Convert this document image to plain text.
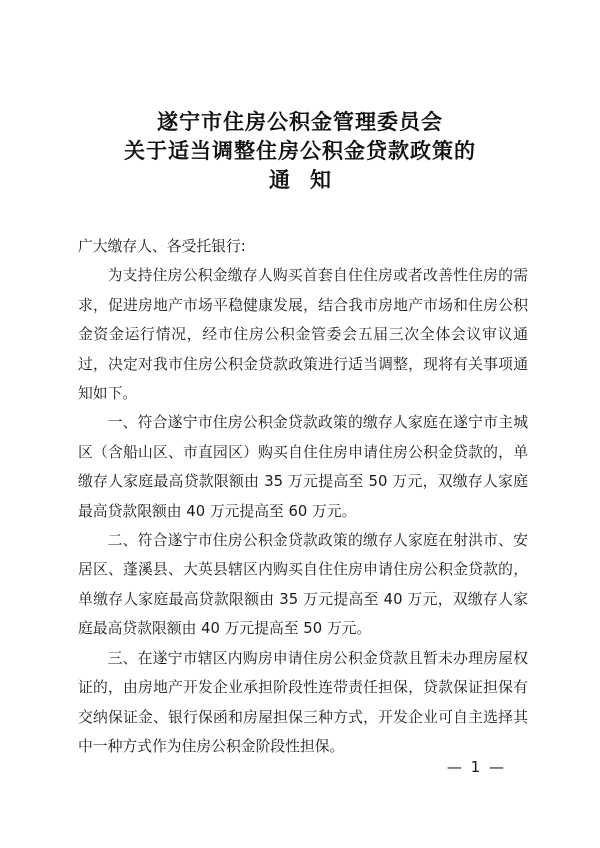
遂宁市住房公积金管理委员会
关于适当调整住房公积金贷款政策的
通知

广大缴存人、各受托银行:

为支持住房公积金缴存人购买首套自住住房或者改善性住房的需求，促进房地产市场平稳健康发展，结合我市房地产市场和住房公积金资金运行情况，经市住房公积金管委会五届三次全体会议审议通过，决定对我市住房公积金贷款政策进行适当调整，现将有关事项通知如下。

一、符合遂宁市住房公积金贷款政策的缴存人家庭在遂宁市主城区（含船山区、市直园区）购买自住住房申请住房公积金贷款的，单缴存人家庭最高贷款限额由 35 万元提高至 50 万元，双缴存人家庭最高贷款限额由 40 万元提高至 60 万元。

二、符合遂宁市住房公积金贷款政策的缴存人家庭在射洪市、安居区、蓬溪县、大英县辖区内购买自住住房申请住房公积金贷款的，单缴存人家庭最高贷款限额由 35 万元提高至 40 万元，双缴存人家庭最高贷款限额由 40 万元提高至 50 万元。

三、在遂宁市辖区内购房申请住房公积金贷款且暂未办理房屋权证的，由房地产开发企业承担阶段性连带责任担保，贷款保证担保有交纳保证金、银行保函和房屋担保三种方式，开发企业可自主选择其中一种方式作为住房公积金阶段性担保。

— 1 —
